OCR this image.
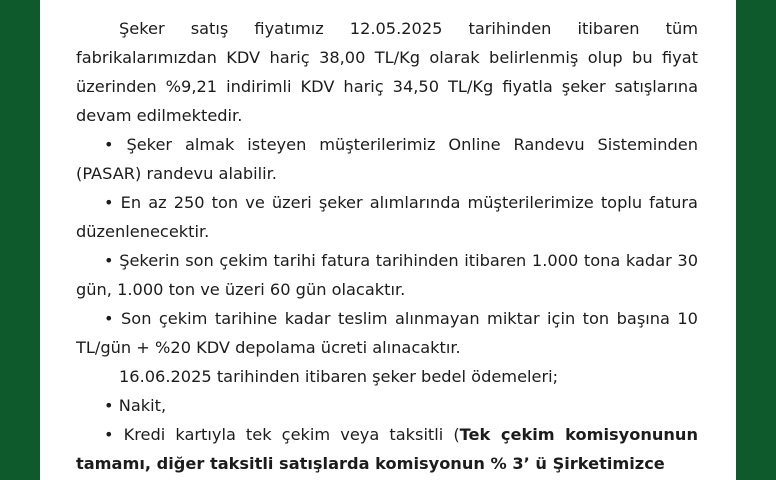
Şeker satış fiyatımız 12.05.2025 tarihinden itibaren tüm fabrikalarımızdan KDV hariç 38,00 TL/Kg olarak belirlenmiş olup bu fiyat üzerinden %9,21 indirimli KDV hariç 34,50 TL/Kg fiyatla şeker satışlarına devam edilmektedir.

• Şeker almak isteyen müşterilerimiz Online Randevu Sisteminden (PASAR) randevu alabilir.

• En az 250 ton ve üzeri şeker alımlarında müşterilerimize toplu fatura düzenlenecektir.

• Şekerin son çekim tarihi fatura tarihinden itibaren 1.000 tona kadar 30 gün, 1.000 ton ve üzeri 60 gün olacaktır.

• Son çekim tarihine kadar teslim alınmayan miktar için ton başına 10 TL/gün + %20 KDV depolama ücreti alınacaktır.

16.06.2025 tarihinden itibaren şeker bedel ödemeleri;

• Nakit,

• Kredi kartıyla tek çekim veya taksitli (Tek çekim komisyonunun tamamı, diğer taksitli satışlarda komisyonun % 3’ ü Şirketimizce
